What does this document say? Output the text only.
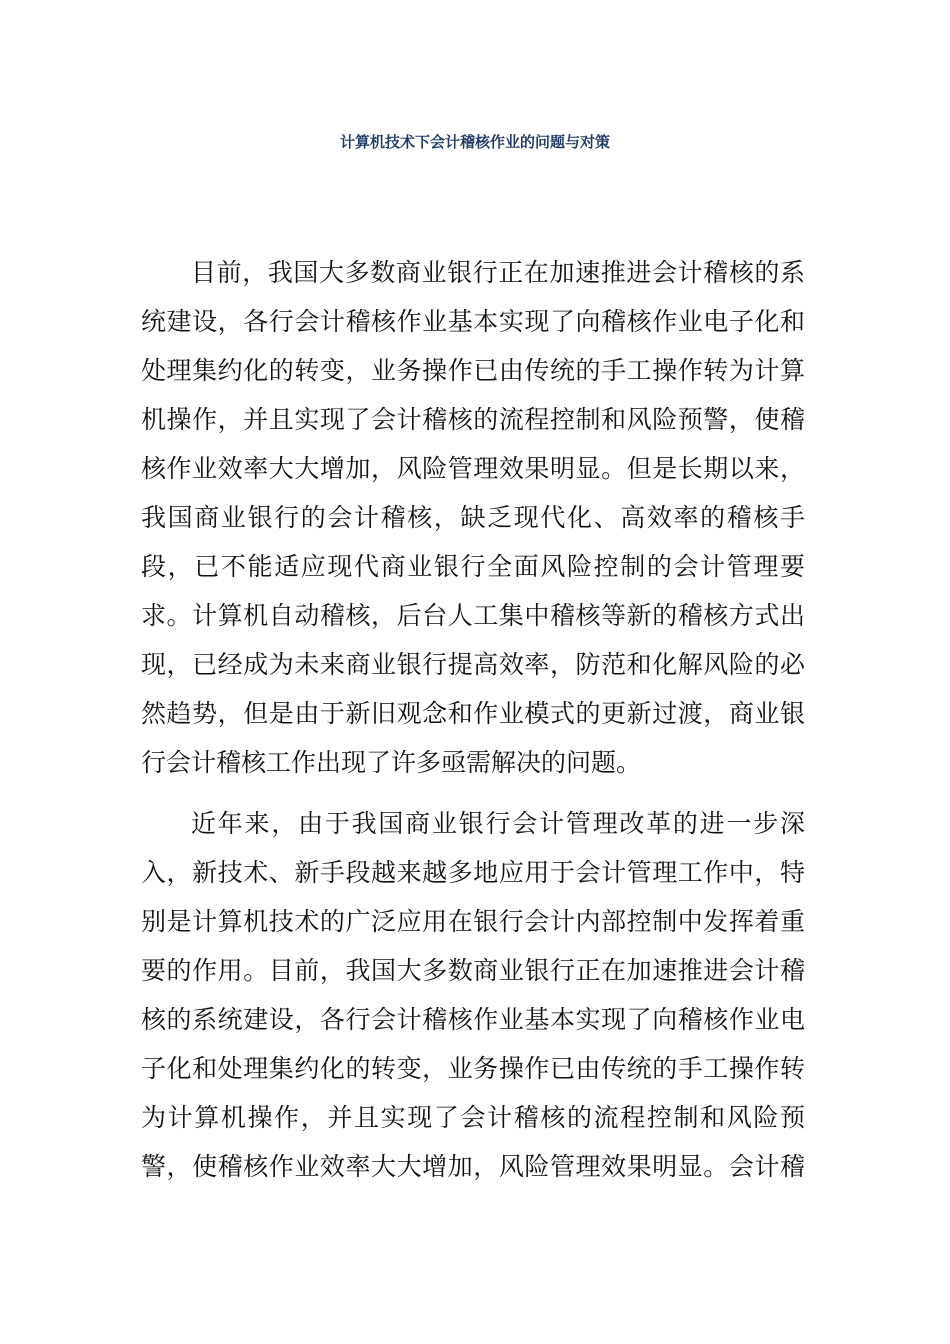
计算机技术下会计稽核作业的问题与对策
目前，我国大多数商业银行正在加速推进会计稽核的系
统建设，各行会计稽核作业基本实现了向稽核作业电子化和
处理集约化的转变，业务操作已由传统的手工操作转为计算
机操作，并且实现了会计稽核的流程控制和风险预警，使稽
核作业效率大大增加，风险管理效果明显。但是长期以来，
我国商业银行的会计稽核，缺乏现代化、高效率的稽核手
段，已不能适应现代商业银行全面风险控制的会计管理要
求。计算机自动稽核，后台人工集中稽核等新的稽核方式出
现，已经成为未来商业银行提高效率，防范和化解风险的必
然趋势，但是由于新旧观念和作业模式的更新过渡，商业银
行会计稽核工作出现了许多亟需解决的问题。
近年来，由于我国商业银行会计管理改革的进一步深
入，新技术、新手段越来越多地应用于会计管理工作中，特
别是计算机技术的广泛应用在银行会计内部控制中发挥着重
要的作用。目前，我国大多数商业银行正在加速推进会计稽
核的系统建设，各行会计稽核作业基本实现了向稽核作业电
子化和处理集约化的转变，业务操作已由传统的手工操作转
为计算机操作，并且实现了会计稽核的流程控制和风险预
警，使稽核作业效率大大增加，风险管理效果明显。会计稽
